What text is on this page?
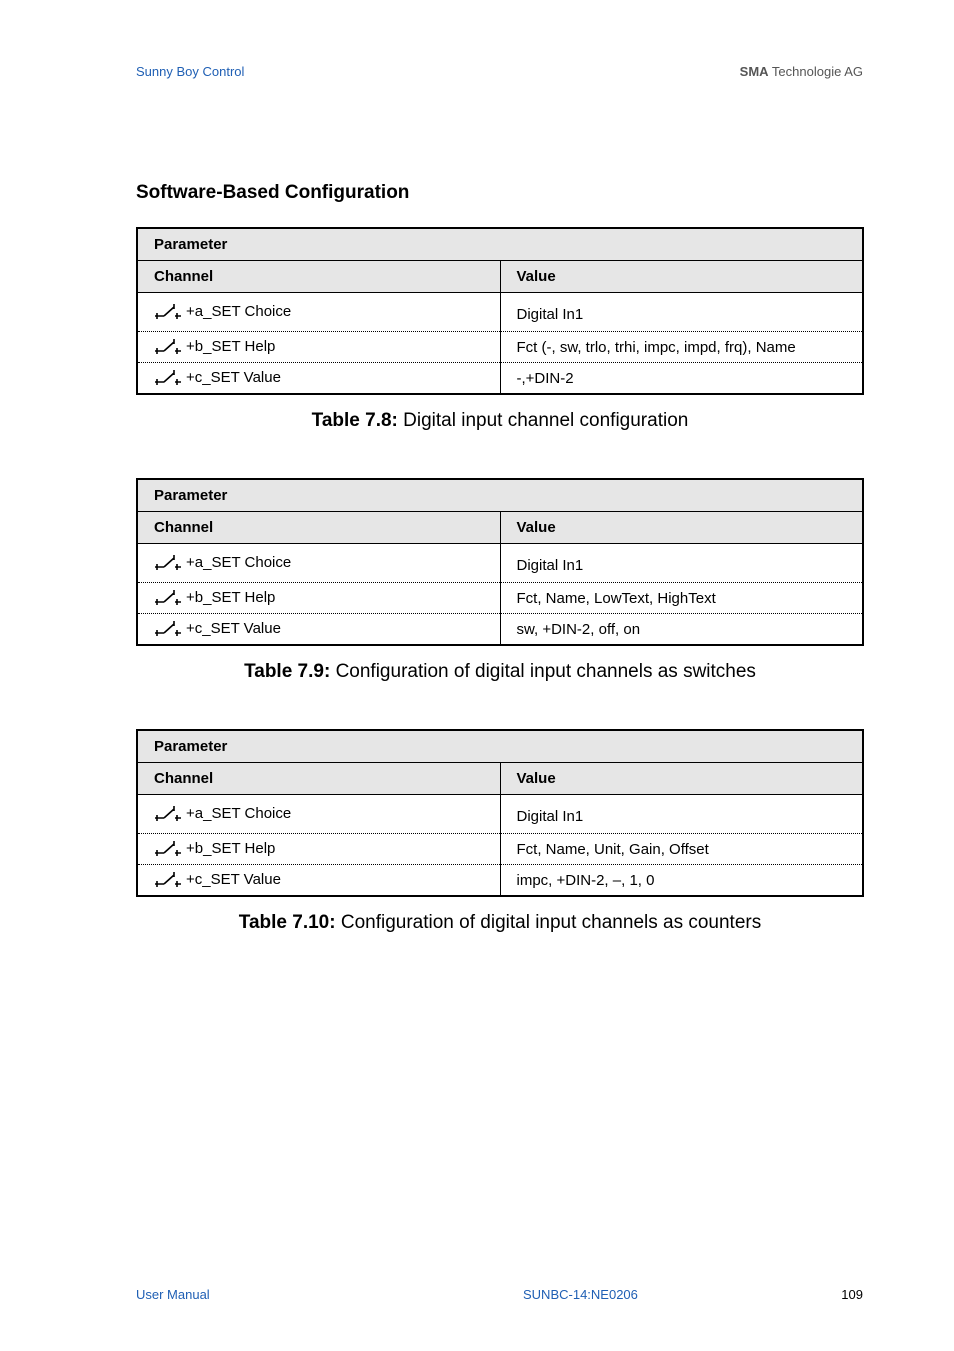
Sunny Boy Control	SMA Technologie AG
Software-Based Configuration
Parameter	
Channel	Value

+a_SET Choice	Digital In1

+b_SET Help	Fct (-, sw, trlo, trhi, impc, impd, frq), Name

+c_SET Value	-,+DIN-2
Table 7.8: Digital input channel configuration
Parameter	
Channel	Value

+a_SET Choice	Digital In1

+b_SET Help	Fct, Name, LowText, HighText

+c_SET Value	sw, +DIN-2, off, on
Table 7.9: Configuration of digital input channels as switches
Parameter	
Channel	Value

+a_SET Choice	Digital In1

+b_SET Help	Fct, Name, Unit, Gain, Offset

+c_SET Value	impc, +DIN-2, –, 1, 0
Table 7.10: Configuration of digital input channels as counters
User Manual	SUNBC-14:NE0206	109
